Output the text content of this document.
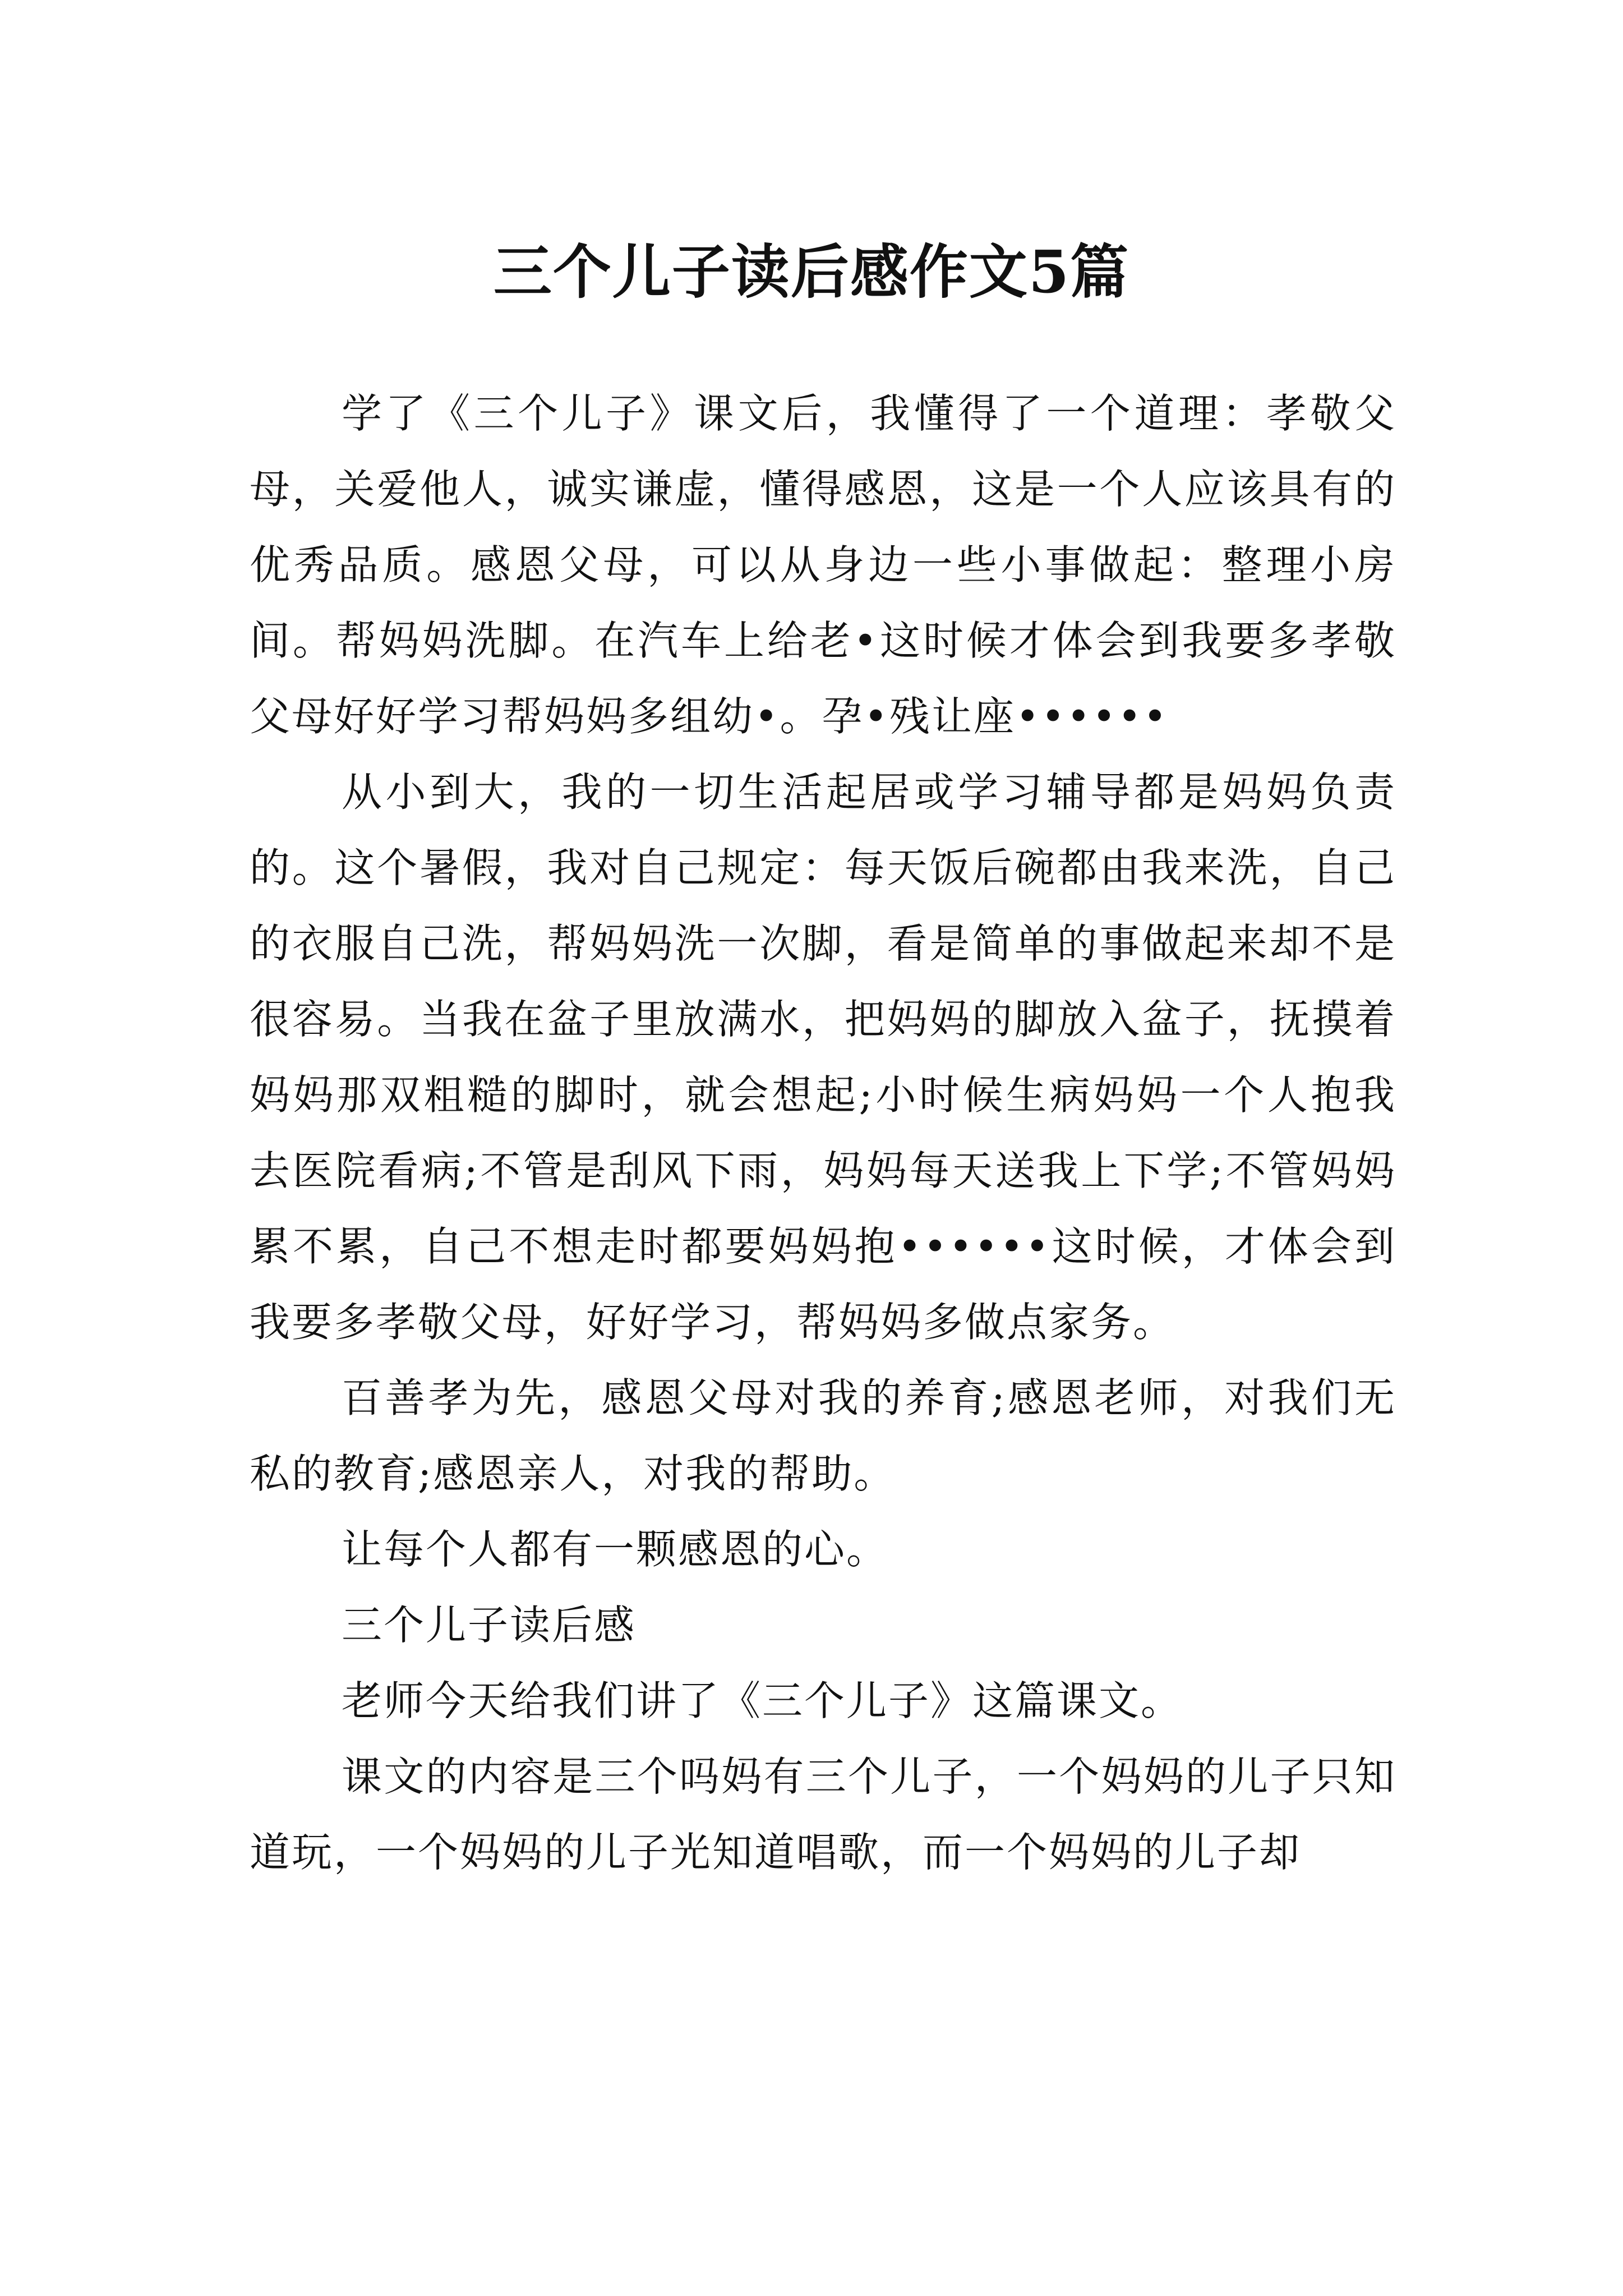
三个儿子读后感作文5篇

学了《三个儿子》课文后，我懂得了一个道理：孝敬父母，关爱他人，诚实谦虚，懂得感恩，这是一个人应该具有的优秀品质。感恩父母，可以从身边一些小事做起：整理小房间。帮妈妈洗脚。在汽车上给老•这时候才体会到我要多孝敬父母好好学习帮妈妈多组幼•。孕•残让座••••••

从小到大，我的一切生活起居或学习辅导都是妈妈负责的。这个暑假，我对自己规定：每天饭后碗都由我来洗，自己的衣服自己洗，帮妈妈洗一次脚，看是简单的事做起来却不是很容易。当我在盆子里放满水，把妈妈的脚放入盆子，抚摸着妈妈那双粗糙的脚时，就会想起;小时候生病妈妈一个人抱我去医院看病;不管是刮风下雨，妈妈每天送我上下学;不管妈妈累不累，自己不想走时都要妈妈抱••••••这时候，才体会到我要多孝敬父母，好好学习，帮妈妈多做点家务。

百善孝为先，感恩父母对我的养育;感恩老师，对我们无私的教育;感恩亲人，对我的帮助。

让每个人都有一颗感恩的心。

三个儿子读后感

老师今天给我们讲了《三个儿子》这篇课文。

课文的内容是三个吗妈有三个儿子，一个妈妈的儿子只知道玩，一个妈妈的儿子光知道唱歌，而一个妈妈的儿子却
